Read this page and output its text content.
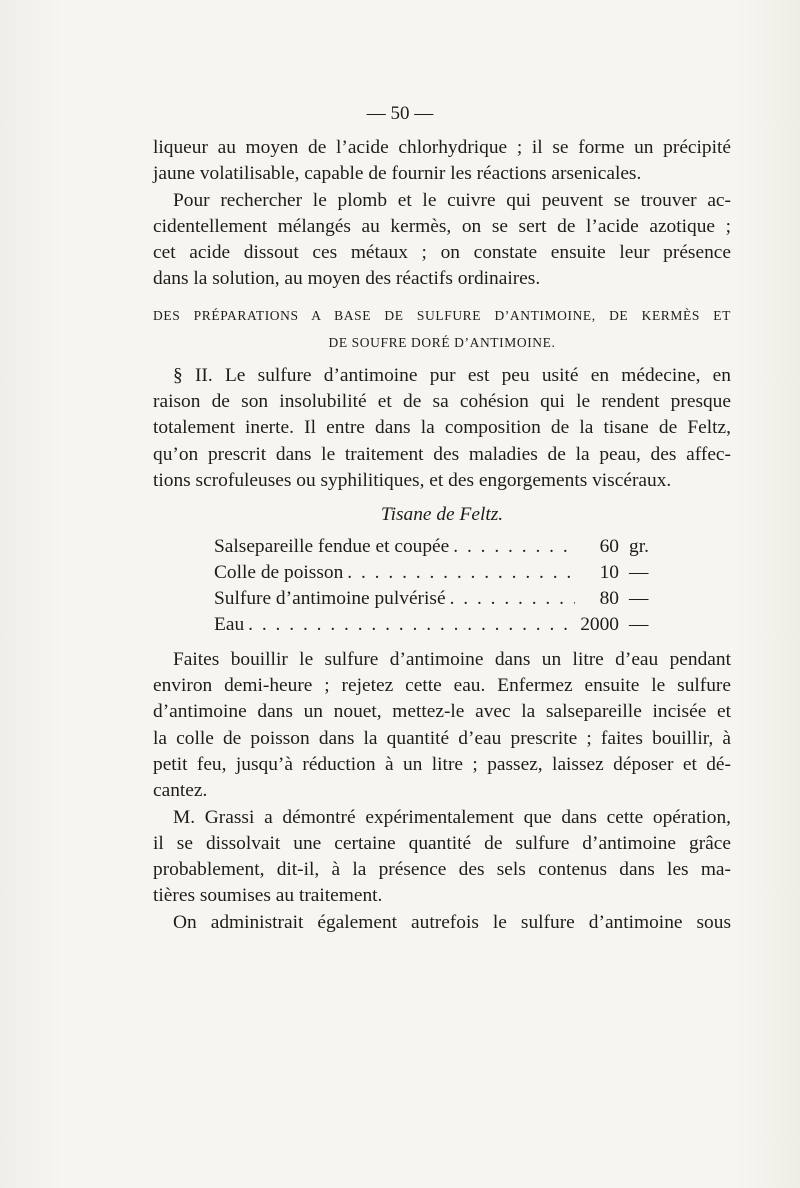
— 50 —
liqueur au moyen de l’acide chlorhydrique ; il se forme un précipité
jaune volatilisable, capable de fournir les réactions arsenicales.
Pour rechercher le plomb et le cuivre qui peuvent se trouver ac-
cidentellement mélangés au kermès, on se sert de l’acide azotique ;
cet acide dissout ces métaux ; on constate ensuite leur présence
dans la solution, au moyen des réactifs ordinaires.
DES PRÉPARATIONS A BASE DE SULFURE D’ANTIMOINE, DE KERMÈS ET
DE SOUFRE DORÉ D’ANTIMOINE.
§ II. Le sulfure d’antimoine pur est peu usité en médecine, en
raison de son insolubilité et de sa cohésion qui le rendent presque
totalement inerte. Il entre dans la composition de la tisane de Feltz,
qu’on prescrit dans le traitement des maladies de la peau, des affec-
tions scrofuleuses ou syphilitiques, et des engorgements viscéraux.
Tisane de Feltz.
Salsepareille fendue et coupée . . .	60 gr.
Colle de poisson . . .	10 —
Sulfure d’antimoine pulvérisé . . .	80 —
Eau . . .	2000 —
Faites bouillir le sulfure d’antimoine dans un litre d’eau pendant
environ demi-heure ; rejetez cette eau. Enfermez ensuite le sulfure
d’antimoine dans un nouet, mettez-le avec la salsepareille incisée et
la colle de poisson dans la quantité d’eau prescrite ; faites bouillir, à
petit feu, jusqu’à réduction à un litre ; passez, laissez déposer et dé-
cantez.
M. Grassi a démontré expérimentalement que dans cette opération,
il se dissolvait une certaine quantité de sulfure d’antimoine grâce
probablement, dit-il, à la présence des sels contenus dans les ma-
tières soumises au traitement.
On administrait également autrefois le sulfure d’antimoine sous
